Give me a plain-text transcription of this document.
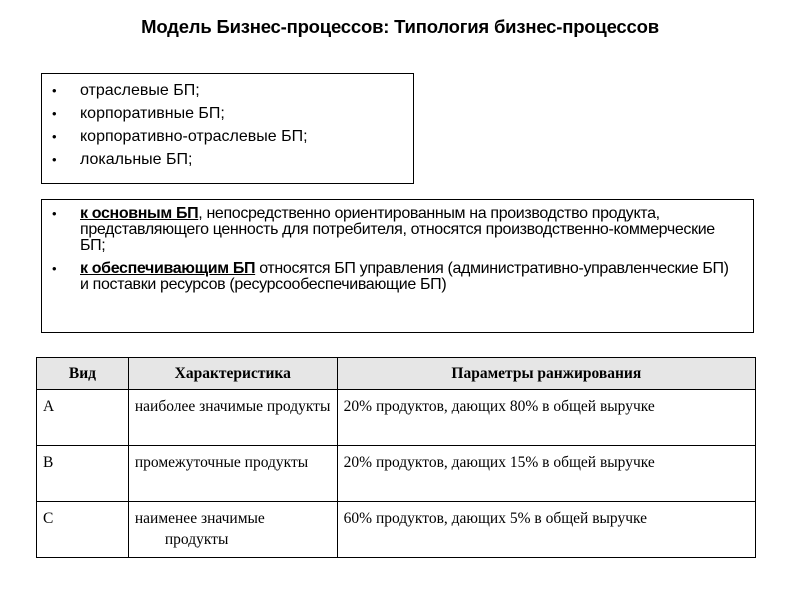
Модель Бизнес-процессов: Типология бизнес-процессов
• отраслевые БП;
• корпоративные БП;
• корпоративно-отраслевые БП;
• локальные БП;
• к основным БП, непосредственно ориентированным на производство продукта, представляющего ценность для потребителя, относятся производственно-коммерческие БП;
• к обеспечивающим БП относятся БП управления (административно-управленческие БП) и поставки ресурсов (ресурсообеспечивающие БП)
Вид	Характеристика	Параметры ранжирования
A	наиболее значимые продукты	20% продуктов, дающих 80% в общей выручке

B	промежуточные продукты	20% продуктов, дающих 15% в общей выручке

C	наименее значимые продукты	60% продуктов, дающих 5% в общей выручке
